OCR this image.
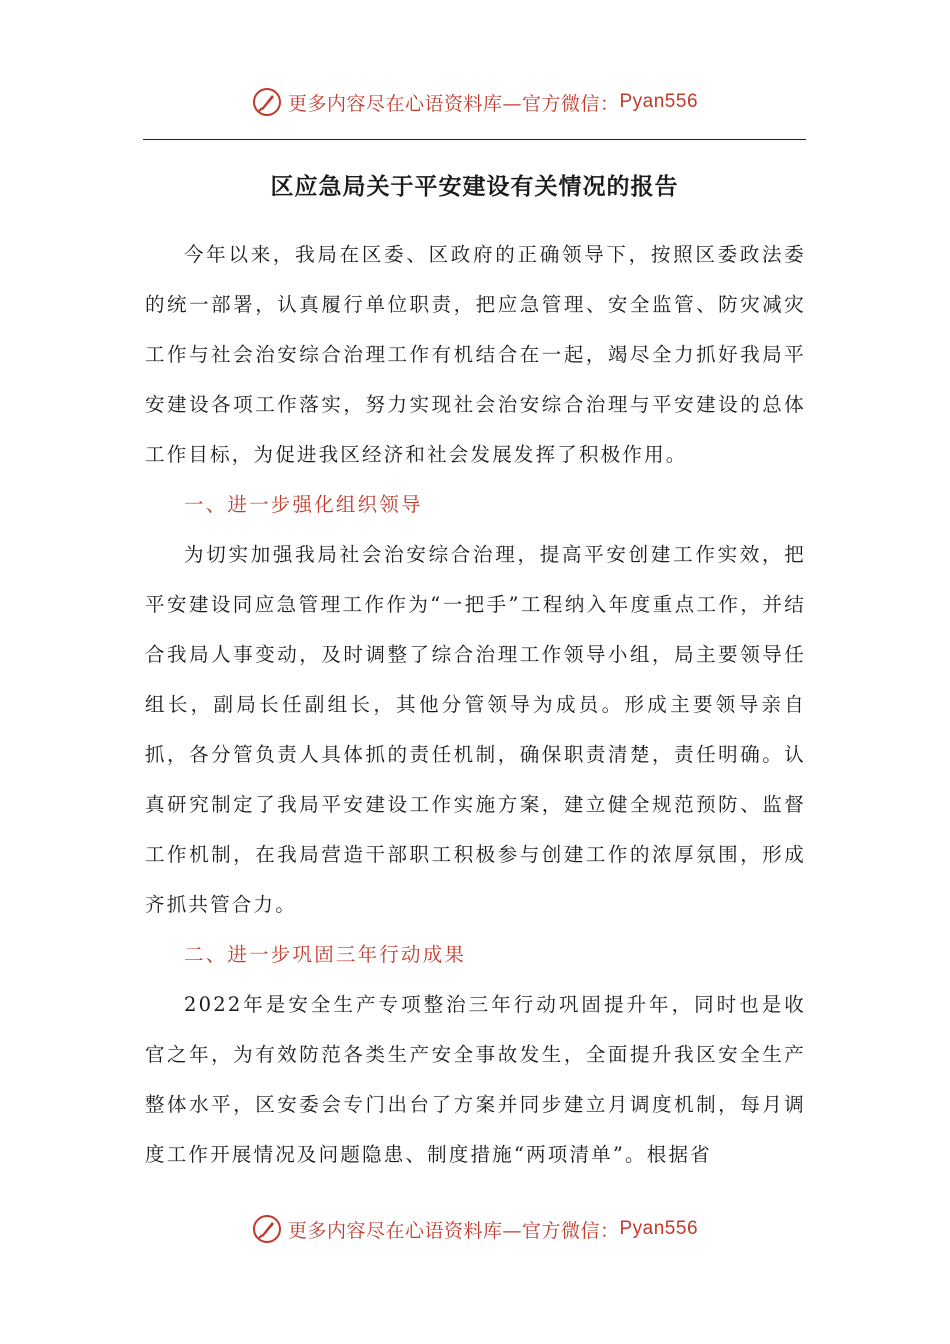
更多内容尽在心语资料库—官方微信： Pyan556
区应急局关于平安建设有关情况的报告

今年以来，我局在区委、区政府的正确领导下，按照区委政法委的统一部署，认真履行单位职责，把应急管理、安全监管、防灾减灾工作与社会治安综合治理工作有机结合在一起，竭尽全力抓好我局平安建设各项工作落实，努力实现社会治安综合治理与平安建设的总体工作目标，为促进我区经济和社会发展发挥了积极作用。

一、进一步强化组织领导

为切实加强我局社会治安综合治理，提高平安创建工作实效，把平安建设同应急管理工作作为“一把手”工程纳入年度重点工作，并结合我局人事变动，及时调整了综合治理工作领导小组，局主要领导任组长，副局长任副组长，其他分管领导为成员。形成主要领导亲自抓，各分管负责人具体抓的责任机制，确保职责清楚，责任明确。认真研究制定了我局平安建设工作实施方案，建立健全规范预防、监督工作机制，在我局营造干部职工积极参与创建工作的浓厚氛围，形成齐抓共管合力。

二、进一步巩固三年行动成果

2022年是安全生产专项整治三年行动巩固提升年，同时也是收官之年，为有效防范各类生产安全事故发生，全面提升我区安全生产整体水平，区安委会专门出台了方案并同步建立月调度机制，每月调度工作开展情况及问题隐患、制度措施“两项清单”。根据省

更多内容尽在心语资料库—官方微信： Pyan556
